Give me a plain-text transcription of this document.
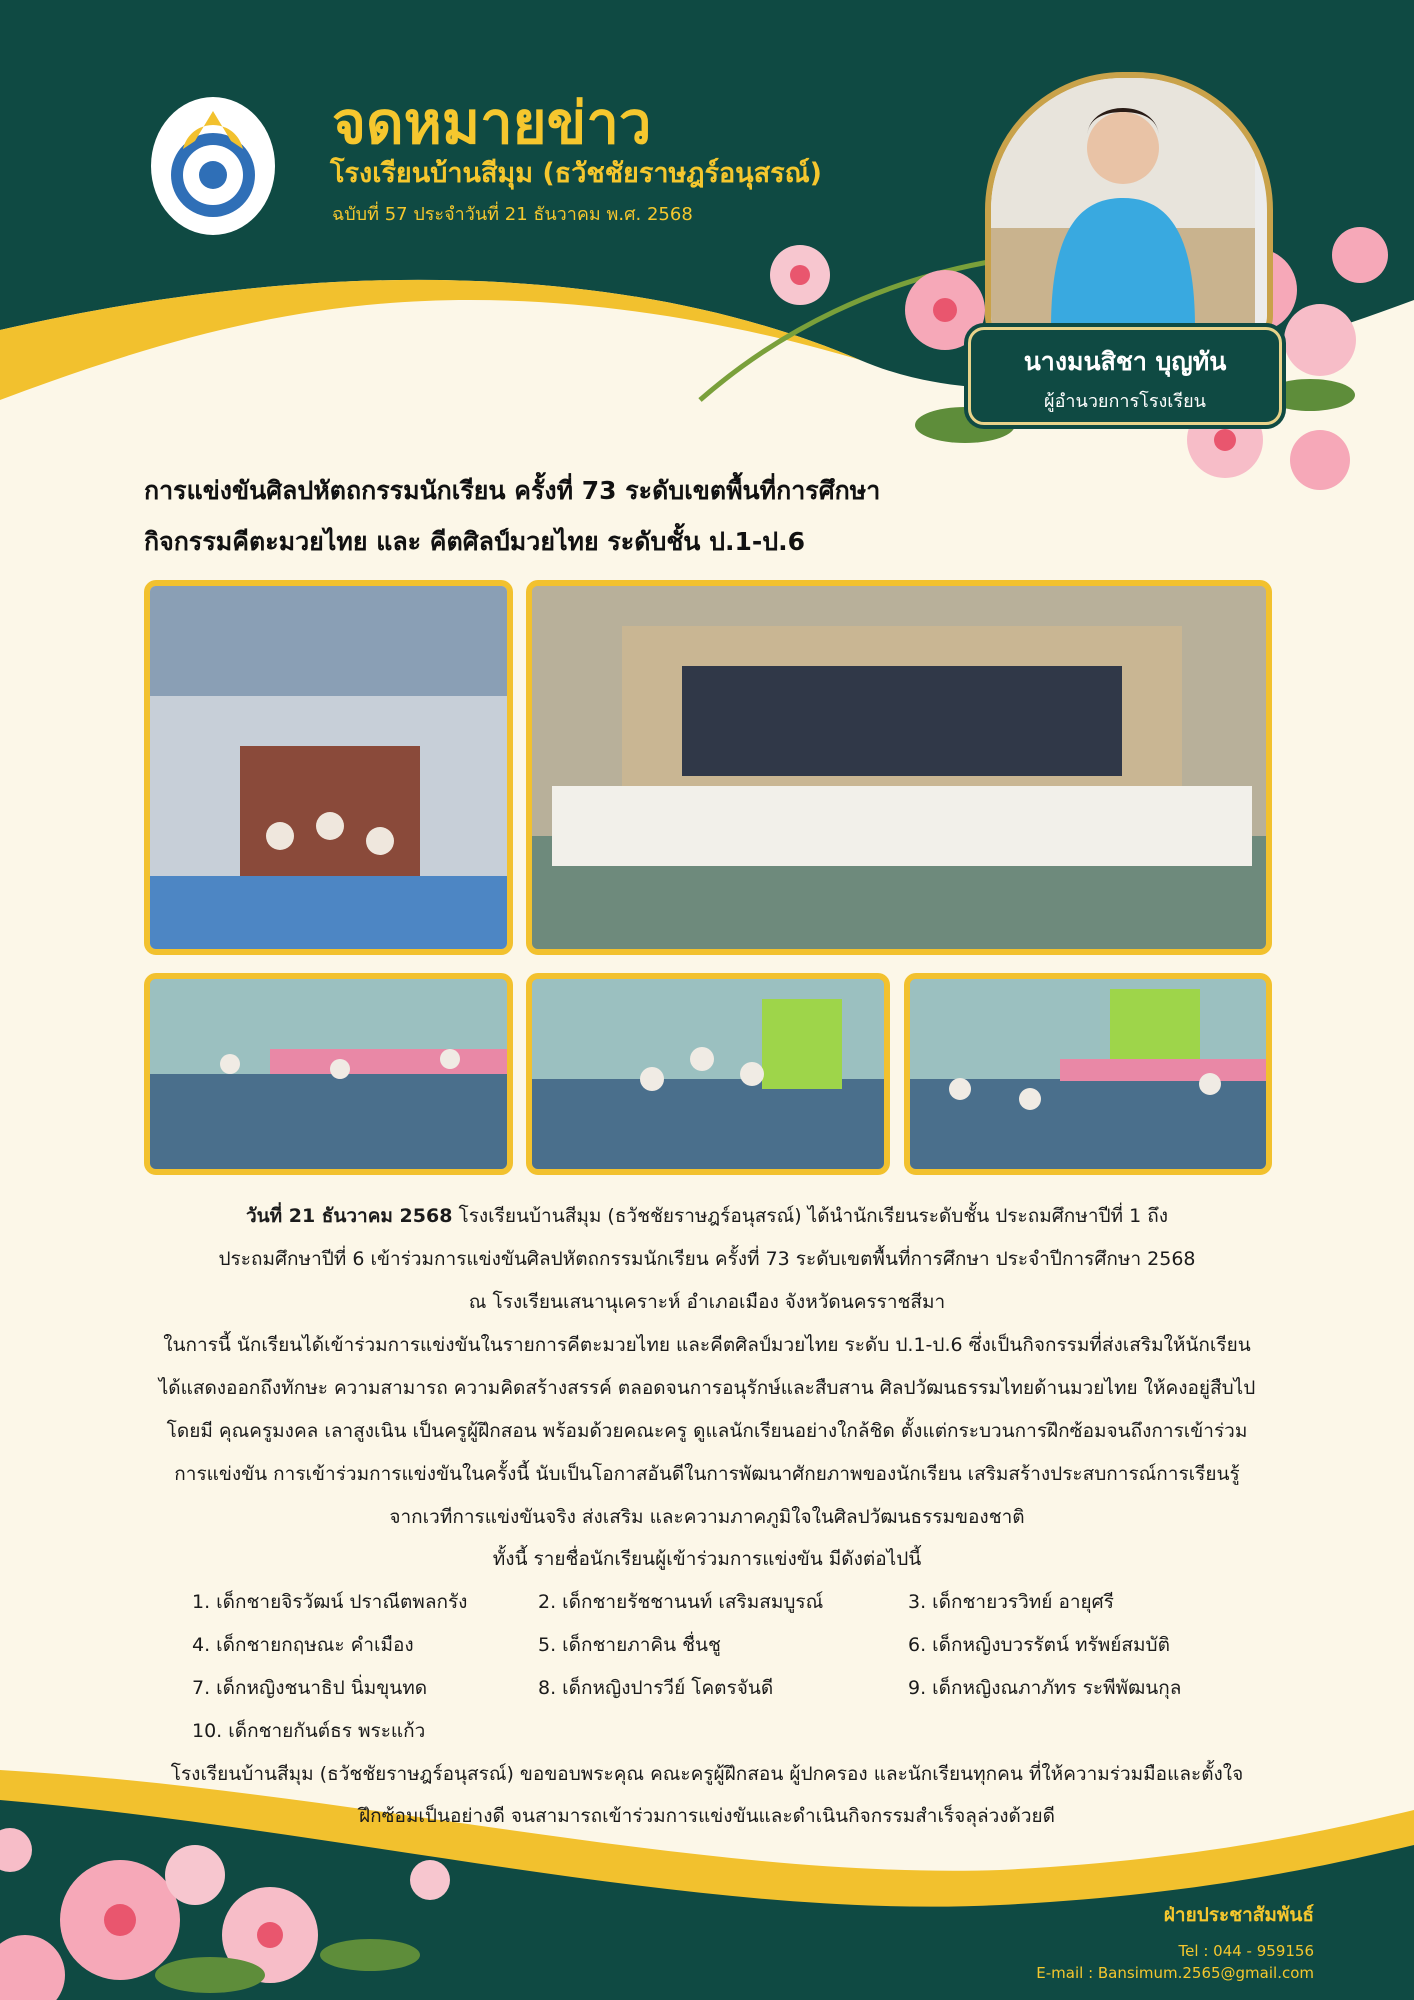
จดหมายข่าว
โรงเรียนบ้านสีมุม (ธวัชชัยราษฎร์อนุสรณ์)
ฉบับที่ 57 ประจำวันที่ 21 ธันวาคม พ.ศ. 2568
นางมนสิชา บุญทัน
ผู้อำนวยการโรงเรียน
การแข่งขันศิลปหัตถกรรมนักเรียน ครั้งที่ 73 ระดับเขตพื้นที่การศึกษา
กิจกรรมคีตะมวยไทย และ คีตศิลป์มวยไทย ระดับชั้น ป.1-ป.6
วันที่ 21 ธันวาคม 2568 โรงเรียนบ้านสีมุม (ธวัชชัยราษฎร์อนุสรณ์) ได้นำนักเรียนระดับชั้น ประถมศึกษาปีที่ 1 ถึง
ประถมศึกษาปีที่ 6 เข้าร่วมการแข่งขันศิลปหัตถกรรมนักเรียน ครั้งที่ 73 ระดับเขตพื้นที่การศึกษา ประจำปีการศึกษา 2568
ณ โรงเรียนเสนานุเคราะห์ อำเภอเมือง จังหวัดนครราชสีมา
ในการนี้ นักเรียนได้เข้าร่วมการแข่งขันในรายการคีตะมวยไทย และคีตศิลป์มวยไทย ระดับ ป.1-ป.6 ซึ่งเป็นกิจกรรมที่ส่งเสริมให้นักเรียน
ได้แสดงออกถึงทักษะ ความสามารถ ความคิดสร้างสรรค์ ตลอดจนการอนุรักษ์และสืบสาน ศิลปวัฒนธรรมไทยด้านมวยไทย ให้คงอยู่สืบไป
โดยมี คุณครูมงคล เลาสูงเนิน เป็นครูผู้ฝึกสอน พร้อมด้วยคณะครู ดูแลนักเรียนอย่างใกล้ชิด ตั้งแต่กระบวนการฝึกซ้อมจนถึงการเข้าร่วม
การแข่งขัน การเข้าร่วมการแข่งขันในครั้งนี้ นับเป็นโอกาสอันดีในการพัฒนาศักยภาพของนักเรียน เสริมสร้างประสบการณ์การเรียนรู้
จากเวทีการแข่งขันจริง ส่งเสริม และความภาคภูมิใจในศิลปวัฒนธรรมของชาติ
ทั้งนี้ รายชื่อนักเรียนผู้เข้าร่วมการแข่งขัน มีดังต่อไปนี้
1. เด็กชายจิรวัฒน์ ปราณีตพลกรัง	2. เด็กชายรัชชานนท์ เสริมสมบูรณ์	3. เด็กชายวรวิทย์ อายุศรี
4. เด็กชายกฤษณะ คำเมือง	5. เด็กชายภาคิน ชื่นชู	6. เด็กหญิงบวรรัตน์ ทรัพย์สมบัติ
7. เด็กหญิงชนาธิป นิ่มขุนทด	8. เด็กหญิงปารวีย์ โคตรจันดี	9. เด็กหญิงณภาภัทร ระพีพัฒนกุล
10. เด็กชายกันต์ธร พระแก้ว
โรงเรียนบ้านสีมุม (ธวัชชัยราษฎร์อนุสรณ์) ขอขอบพระคุณ คณะครูผู้ฝึกสอน ผู้ปกครอง และนักเรียนทุกคน ที่ให้ความร่วมมือและตั้งใจ
ฝึกซ้อมเป็นอย่างดี จนสามารถเข้าร่วมการแข่งขันและดำเนินกิจกรรมสำเร็จลุล่วงด้วยดี
ฝ่ายประชาสัมพันธ์
Tel : 044 - 959156
E-mail : Bansimum.2565@gmail.com
